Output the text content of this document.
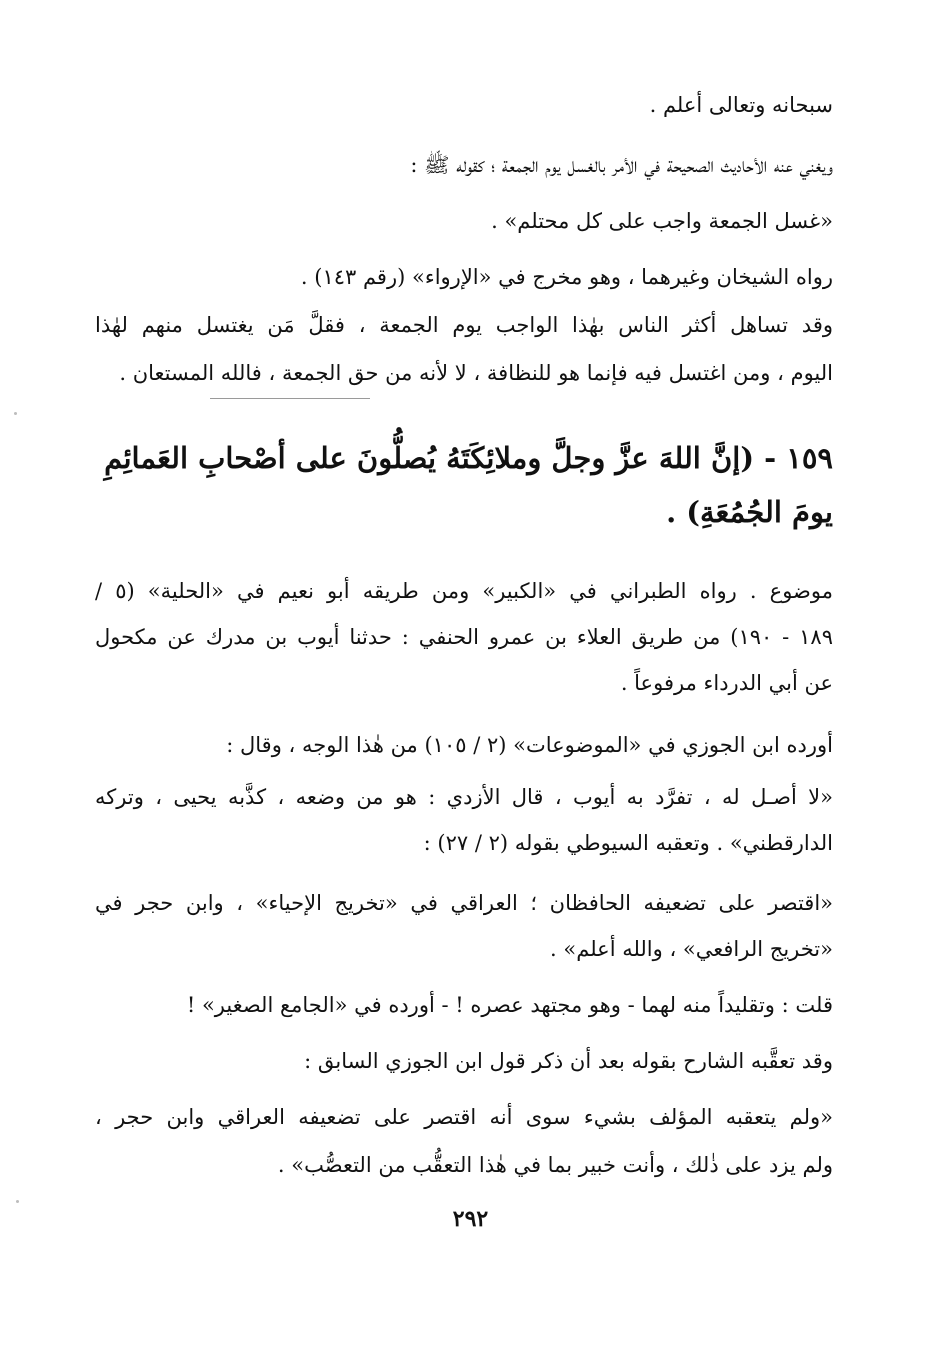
سبحانه وتعالى أعلم .
ويغني عنه الأحاديث الصحيحة في الأمر بالغسل يوم الجمعة ؛ كقوله ﷺ :
«غسل الجمعة واجب على كل محتلم» .
رواه الشيخان وغيرهما ، وهو مخرج في «الإرواء» (رقم ١٤٣) .
وقد تساهل أكثر الناس بهٰذا الواجب يوم الجمعة ، فقلَّ مَن يغتسل منهم لهٰذا
اليوم ، ومن اغتسل فيه فإنما هو للنظافة ، لا لأنه من حق الجمعة ، فالله المستعان .
١٥٩ - (إنَّ اللهَ عزَّ وجلَّ وملائِكَتَهُ يُصلُّونَ على أصْحابِ العَمائِمِ
يومَ الجُمُعَةِ) .
موضوع . رواه الطبراني في «الكبير» ومن طريقه أبو نعيم في «الحلية» (٥ /
١٨٩ - ١٩٠) من طريق العلاء بن عمرو الحنفي : حدثنا أيوب بن مدرك عن مكحول
عن أبي الدرداء مرفوعاً .
أورده ابن الجوزي في «الموضوعات» (٢ / ١٠٥) من هٰذا الوجه ، وقال :
«لا أصـل له ، تفرَّد به أيوب ، قال الأزدي : هو من وضعه ، كذَّبه يحيى ، وتركه
الدارقطني» . وتعقبه السيوطي بقوله (٢ / ٢٧) :
«اقتصر على تضعيفه الحافظان ؛ العراقي في «تخريج الإحياء» ، وابن حجر في
«تخريج الرافعي» ، والله أعلم» .
قلت : وتقليداً منه لهما - وهو مجتهد عصره ! - أورده في «الجامع الصغير» !
وقد تعقَّبه الشارح بقوله بعد أن ذكر قول ابن الجوزي السابق :
«ولم يتعقبه المؤلف بشيء سوى أنه اقتصر على تضعيفه العراقي وابن حجر ،
ولم يزد على ذٰلك ، وأنت خبير بما في هٰذا التعقُّب من التعصُّب» .
٢٩٢
